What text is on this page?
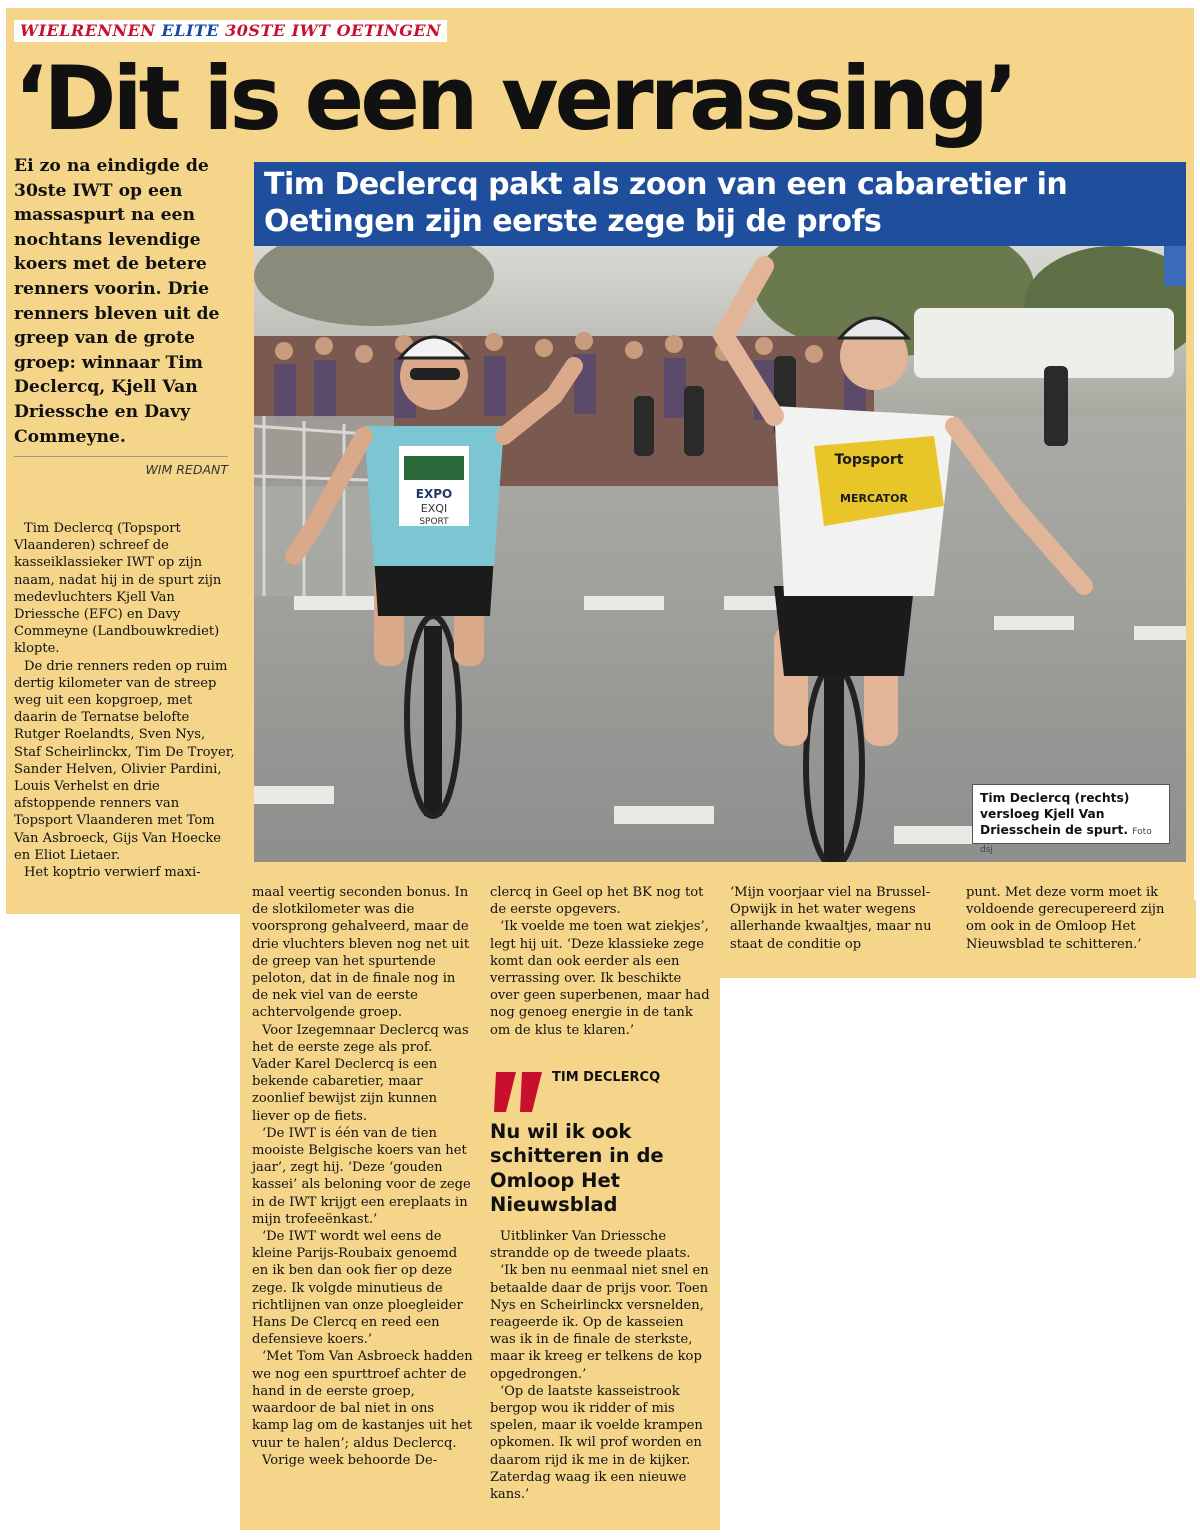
WIELRENNEN ELITE 30STE IWT OETINGEN
‘Dit is een verrassing’
Ei zo na eindigde de 30ste IWT op een massaspurt na een nochtans levendige koers met de betere renners voorin. Drie renners bleven uit de greep van de grote groep: winnaar Tim Declercq, Kjell Van Driessche en Davy Commeyne.
WIM REDANT
Tim Declercq pakt als zoon van een cabaretier in Oetingen zijn eerste zege bij de profs
EXPO
EXQI
SPORT
Topsport
MERCATOR
Tim Declercq (rechts) versloeg Kjell Van Driesschein de spurt. Foto dsj

Tim Declercq (Topsport Vlaanderen) schreef de kasseiklassieker IWT op zijn naam, nadat hij in de spurt zijn medevluchters Kjell Van Driessche (EFC) en Davy Commeyne (Landbouwkrediet) klopte.

De drie renners reden op ruim dertig kilometer van de streep weg uit een kopgroep, met daarin de Ternatse belofte Rutger Roelandts, Sven Nys, Staf Scheirlinckx, Tim De Troyer, Sander Helven, Olivier Pardini, Louis Verhelst en drie afstoppende renners van Topsport Vlaanderen met Tom Van Asbroeck, Gijs Van Hoecke en Eliot Lietaer.

Het koptrio verwierf maxi-

maal veertig seconden bonus. In de slotkilometer was die voorsprong gehalveerd, maar de drie vluchters bleven nog net uit de greep van het spurtende peloton, dat in de finale nog in de nek viel van de eerste achtervolgende groep.

Voor Izegemnaar Declercq was het de eerste zege als prof. Vader Karel Declercq is een bekende cabaretier, maar zoonlief bewijst zijn kunnen liever op de fiets.

‘De IWT is één van de tien mooiste Belgische koers van het jaar’, zegt hij. ‘Deze ‘gouden kassei’ als beloning voor de zege in de IWT krijgt een ereplaats in mijn trofeeënkast.’

‘De IWT wordt wel eens de kleine Parijs-Roubaix genoemd en ik ben dan ook fier op deze zege. Ik volgde minutieus de richtlijnen van onze ploegleider Hans De Clercq en reed een defensieve koers.’

‘Met Tom Van Asbroeck hadden we nog een spurttroef achter de hand in de eerste groep, waardoor de bal niet in ons kamp lag om de kastanjes uit het vuur te halen’; aldus Declercq.

Vorige week behoorde De-

clercq in Geel op het BK nog tot de eerste opgevers.

‘Ik voelde me toen wat ziekjes’, legt hij uit. ‘Deze klassieke zege komt dan ook eerder als een verrassing over. Ik beschikte over geen superbenen, maar had nog genoeg energie in de tank om de klus te klaren.’

TIM DECLERCQ
Nu wil ik ook schitteren in de Omloop Het Nieuwsblad

Uitblinker Van Driessche strandde op de tweede plaats.

‘Ik ben nu eenmaal niet snel en betaalde daar de prijs voor. Toen Nys en Scheirlinckx versnelden, reageerde ik. Op de kasseien was ik in de finale de sterkste, maar ik kreeg er telkens de kop opgedrongen.’

‘Op de laatste kasseistrook bergop wou ik ridder of mis spelen, maar ik voelde krampen opkomen. Ik wil prof worden en daarom rijd ik me in de kijker. Zaterdag waag ik een nieuwe kans.’

‘Mijn voorjaar viel na Brussel-Opwijk in het water wegens allerhande kwaaltjes, maar nu staat de conditie op

punt. Met deze vorm moet ik voldoende gerecupereerd zijn om ook in de Omloop Het Nieuwsblad te schitteren.’
